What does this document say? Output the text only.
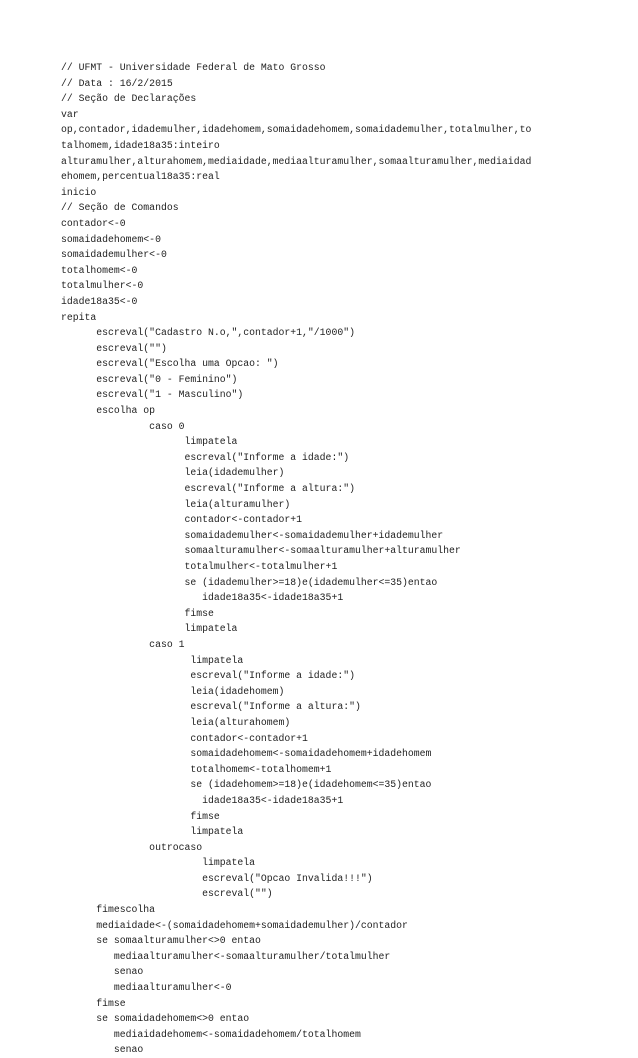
// UFMT - Universidade Federal de Mato Grosso
// Data : 16/2/2015
// Seção de Declarações
var
op,contador,idademulher,idadehomem,somaidadehomem,somaidademulher,totalmulher,to
talhomem,idade18a35:inteiro
alturamulher,alturahomem,mediaidade,mediaalturamulher,somaalturamulher,mediaidad
ehomem,percentual18a35:real
inicio
// Seção de Comandos
contador<-0
somaidadehomem<-0
somaidademulher<-0
totalhomem<-0
totalmulher<-0
idade18a35<-0
repita
escreval("Cadastro N.o,",contador+1,"/1000")
escreval("")
escreval("Escolha uma Opcao: ")
escreval("0 - Feminino")
escreval("1 - Masculino")
escolha op
caso 0
limpatela
escreval("Informe a idade:")
leia(idademulher)
escreval("Informe a altura:")
leia(alturamulher)
contador<-contador+1
somaidademulher<-somaidademulher+idademulher
somaalturamulher<-somaalturamulher+alturamulher
totalmulher<-totalmulher+1
se (idademulher>=18)e(idademulher<=35)entao
idade18a35<-idade18a35+1
fimse
limpatela
caso 1
limpatela
escreval("Informe a idade:")
leia(idadehomem)
escreval("Informe a altura:")
leia(alturahomem)
contador<-contador+1
somaidadehomem<-somaidadehomem+idadehomem
totalhomem<-totalhomem+1
se (idadehomem>=18)e(idadehomem<=35)entao
idade18a35<-idade18a35+1
fimse
limpatela
outrocaso
limpatela
escreval("Opcao Invalida!!!")
escreval("")
fimescolha
mediaidade<-(somaidadehomem+somaidademulher)/contador
se somaalturamulher<>0 entao
mediaalturamulher<-somaalturamulher/totalmulher
senao
mediaalturamulher<-0
fimse
se somaidadehomem<>0 entao
mediaidadehomem<-somaidadehomem/totalhomem
senao
